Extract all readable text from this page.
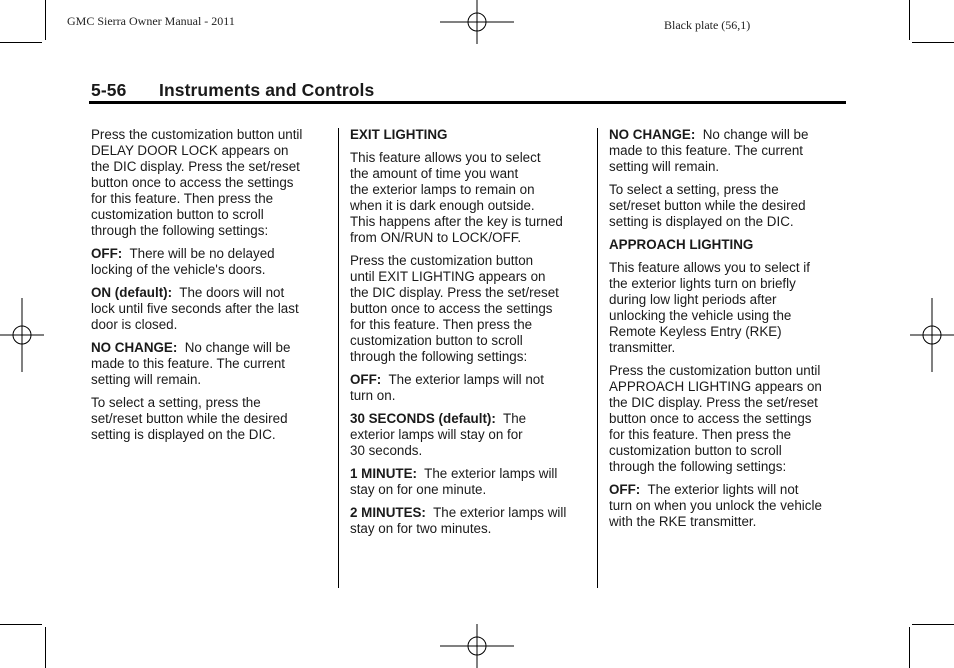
GMC Sierra Owner Manual - 2011	Black plate (56,1)
5-56 Instruments and Controls

Press the customization button until
DELAY DOOR LOCK appears on
the DIC display. Press the set/reset
button once to access the settings
for this feature. Then press the
customization button to scroll
through the following settings:

OFF: There will be no delayed
locking of the vehicle's doors.

ON (default): The doors will not
lock until five seconds after the last
door is closed.

NO CHANGE: No change will be
made to this feature. The current
setting will remain.

To select a setting, press the
set/reset button while the desired
setting is displayed on the DIC.

EXIT LIGHTING

This feature allows you to select
the amount of time you want
the exterior lamps to remain on
when it is dark enough outside.
This happens after the key is turned
from ON/RUN to LOCK/OFF.

Press the customization button
until EXIT LIGHTING appears on
the DIC display. Press the set/reset
button once to access the settings
for this feature. Then press the
customization button to scroll
through the following settings:

OFF: The exterior lamps will not
turn on.

30 SECONDS (default): The
exterior lamps will stay on for
30 seconds.

1 MINUTE: The exterior lamps will
stay on for one minute.

2 MINUTES: The exterior lamps will
stay on for two minutes.

NO CHANGE: No change will be
made to this feature. The current
setting will remain.

To select a setting, press the
set/reset button while the desired
setting is displayed on the DIC.

APPROACH LIGHTING

This feature allows you to select if
the exterior lights turn on briefly
during low light periods after
unlocking the vehicle using the
Remote Keyless Entry (RKE)
transmitter.

Press the customization button until
APPROACH LIGHTING appears on
the DIC display. Press the set/reset
button once to access the settings
for this feature. Then press the
customization button to scroll
through the following settings:

OFF: The exterior lights will not
turn on when you unlock the vehicle
with the RKE transmitter.
